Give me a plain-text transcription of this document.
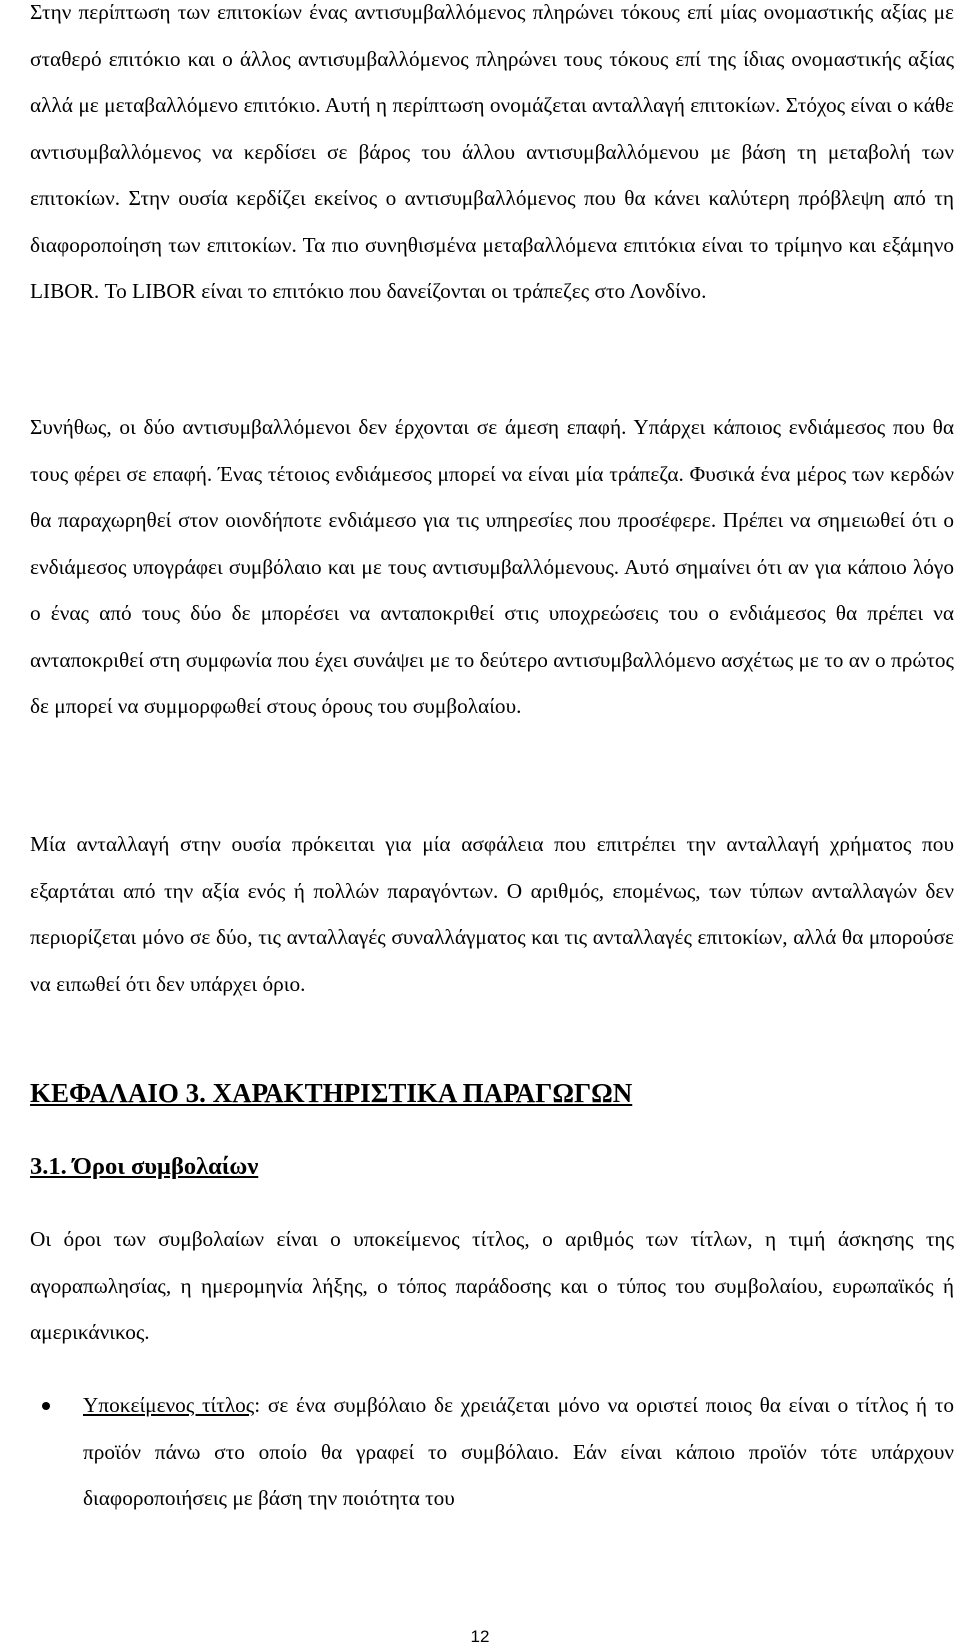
Στην περίπτωση των επιτοκίων ένας αντισυμβαλλόμενος πληρώνει τόκους επί μίας ονομαστικής αξίας με σταθερό επιτόκιο και ο άλλος αντισυμβαλλόμενος πληρώνει τους τόκους επί της ίδιας ονομαστικής αξίας αλλά με μεταβαλλόμενο επιτόκιο. Αυτή η περίπτωση ονομάζεται ανταλλαγή επιτοκίων. Στόχος είναι ο κάθε αντισυμβαλλόμενος να κερδίσει σε βάρος του άλλου αντισυμβαλλόμενου με βάση τη μεταβολή των επιτοκίων. Στην ουσία κερδίζει εκείνος ο αντισυμβαλλόμενος που θα κάνει καλύτερη πρόβλεψη από τη διαφοροποίηση των επιτοκίων. Τα πιο συνηθισμένα μεταβαλλόμενα επιτόκια είναι το τρίμηνο και εξάμηνο LIBOR. Το LIBOR είναι το επιτόκιο που δανείζονται οι τράπεζες στο Λονδίνο.

Συνήθως, οι δύο αντισυμβαλλόμενοι δεν έρχονται σε άμεση επαφή. Υπάρχει κάποιος ενδιάμεσος που θα τους φέρει σε επαφή. Ένας τέτοιος ενδιάμεσος μπορεί να είναι μία τράπεζα. Φυσικά ένα μέρος των κερδών θα παραχωρηθεί στον οιονδήποτε ενδιάμεσο για τις υπηρεσίες που προσέφερε. Πρέπει να σημειωθεί ότι ο ενδιάμεσος υπογράφει συμβόλαιο και με τους αντισυμβαλλόμενους. Αυτό σημαίνει ότι αν για κάποιο λόγο ο ένας από τους δύο δε μπορέσει να ανταποκριθεί στις υποχρεώσεις του ο ενδιάμεσος θα πρέπει να ανταποκριθεί στη συμφωνία που έχει συνάψει με το δεύτερο αντισυμβαλλόμενο ασχέτως με το αν ο πρώτος δε μπορεί να συμμορφωθεί στους όρους του συμβολαίου.

Μία ανταλλαγή στην ουσία πρόκειται για μία ασφάλεια που επιτρέπει την ανταλλαγή χρήματος που εξαρτάται από την αξία ενός ή πολλών παραγόντων. Ο αριθμός, επομένως, των τύπων ανταλλαγών δεν περιορίζεται μόνο σε δύο, τις ανταλλαγές συναλλάγματος και τις ανταλλαγές επιτοκίων, αλλά θα μπορούσε να ειπωθεί ότι δεν υπάρχει όριο.

ΚΕΦΑΛΑΙΟ 3. ΧΑΡΑΚΤΗΡΙΣΤΙΚΑ ΠΑΡΑΓΩΓΩΝ
3.1. Όροι συμβολαίων

Οι όροι των συμβολαίων είναι ο υποκείμενος τίτλος, ο αριθμός των τίτλων, η τιμή άσκησης της αγοραπωλησίας, η ημερομηνία λήξης, ο τόπος παράδοσης και ο τύπος του συμβολαίου, ευρωπαϊκός ή αμερικάνικος.

Υποκείμενος τίτλος: σε ένα συμβόλαιο δε χρειάζεται μόνο να οριστεί ποιος θα είναι ο τίτλος ή το προϊόν πάνω στο οποίο θα γραφεί το συμβόλαιο. Εάν είναι κάποιο προϊόν τότε υπάρχουν διαφοροποιήσεις με βάση την ποιότητα του

12
